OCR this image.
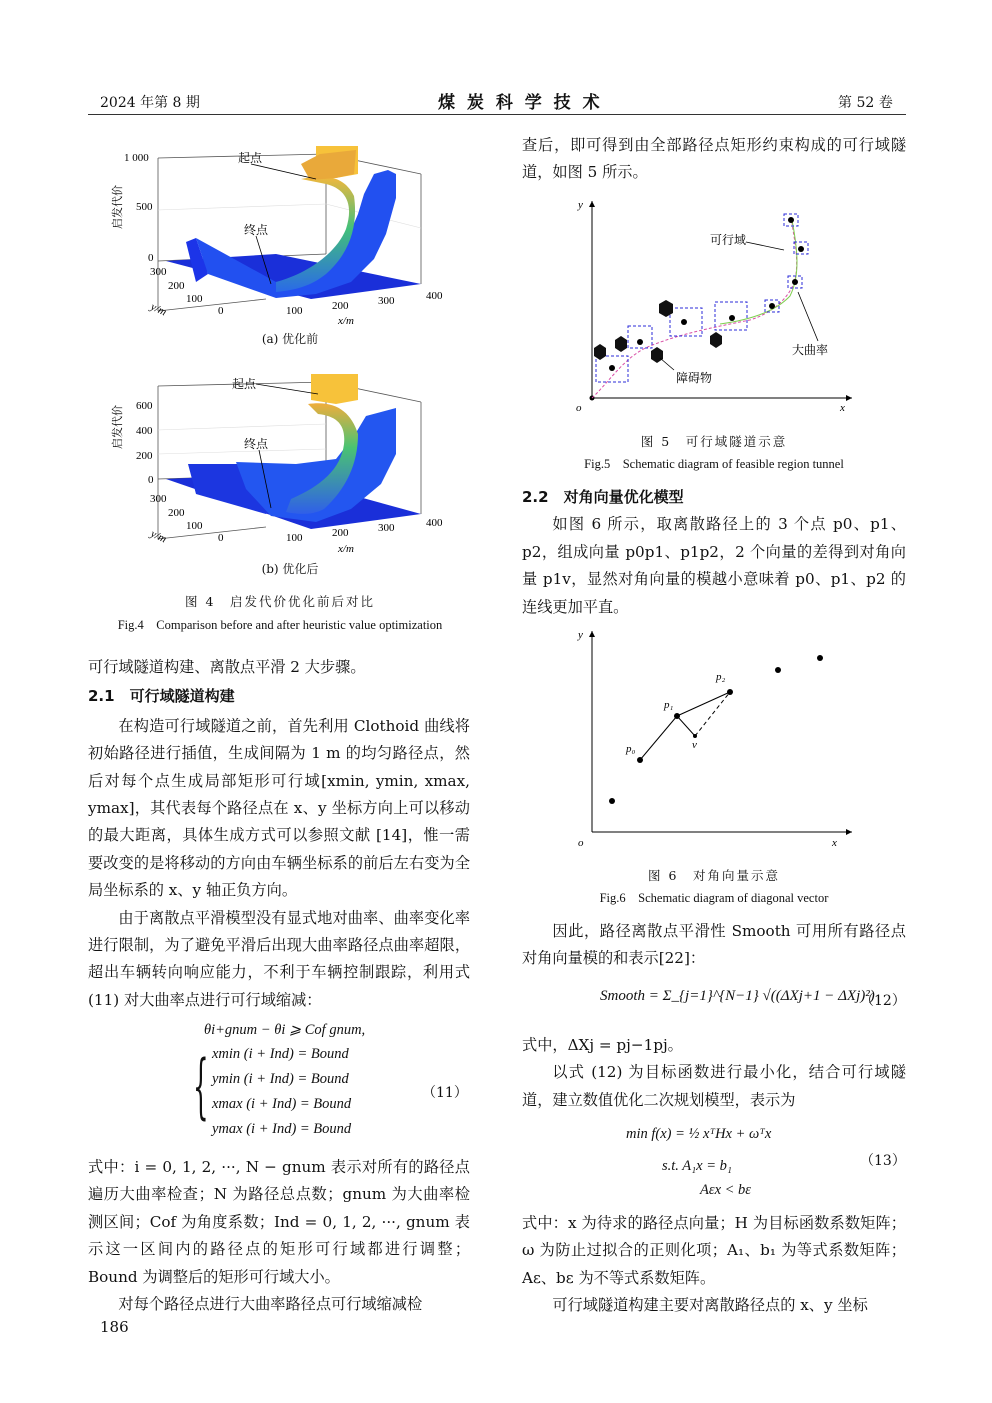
2024 年第 8 期	煤 炭 科 学 技 术	第 52 卷
起点
终点
1 000
500
0
300
200
100
0	100	200	300	400
x/m
y/m
启发代价
(a) 优化前
起点
终点
600
400
200
0
300
200
100
0	100	200	300	400
x/m
y/m
启发代价
(b) 优化后
图 4　启发代价优化前后对比
Fig.4　Comparison before and after heuristic value optimization

可行域隧道构建、离散点平滑 2 大步骤。

2.1　可行域隧道构建

在构造可行域隧道之前，首先利用 Clothoid 曲线将初始路径进行插值，生成间隔为 1 m 的均匀路径点，然后对每个点生成局部矩形可行域[xmin, ymin, xmax, ymax]，其代表每个路径点在 x、y 坐标方向上可以移动的最大距离，具体生成方式可以参照文献 [14]，惟一需要改变的是将移动的方向由车辆坐标系的前后左右变为全局坐标系的 x、y 轴正负方向。

由于离散点平滑模型没有显式地对曲率、曲率变化率进行限制，为了避免平滑后出现大曲率路径点曲率超限，超出车辆转向响应能力，不利于车辆控制跟踪，利用式 (11) 对大曲率点进行可行域缩减：

θi+gnum − θi ⩾ Cof gnum,
{ xmin (i + Ind) = Bound
ymin (i + Ind) = Bound
xmax (i + Ind) = Bound
ymax (i + Ind) = Bound
（11）

式中：i = 0, 1, 2, ···, N − gnum 表示对所有的路径点遍历大曲率检查；N 为路径总点数；gnum 为大曲率检测区间；Cof 为角度系数；Ind = 0, 1, 2, ···, gnum 表示这一区间内的路径点的矩形可行域都进行调整；Bound 为调整后的矩形可行域大小。

对每个路径点进行大曲率路径点可行域缩减检

186

查后，即可得到由全部路径点矩形约束构成的可行域隧道，如图 5 所示。

y
x
o
可行域
大曲率
障碍物
图 5　可行域隧道示意
Fig.5　Schematic diagram of feasible region tunnel
2.2　对角向量优化模型

如图 6 所示，取离散路径上的 3 个点 p0、p1、p2，组成向量 p0p1、p1p2，2 个向量的差得到对角向量 p1v，显然对角向量的模越小意味着 p0、p1、p2 的连线更加平直。

y
x
o
p₀
p₁
p₂
v
图 6　对角向量示意
Fig.6　Schematic diagram of diagonal vector

因此，路径离散点平滑性 Smooth 可用所有路径点对角向量模的和表示[22]：

Smooth = Σ_{j=1}^{N−1} √((ΔXj+1 − ΔXj)²)
（12）

式中，ΔXj = pj−1pj。

以式 (12) 为目标函数进行最小化，结合可行域隧道，建立数值优化二次规划模型，表示为

min f(x) = ½ xᵀHx + ωᵀx
s.t. A₁x = b₁
Aεx < bε
（13）

式中：x 为待求的路径点向量；H 为目标函数系数矩阵；ω 为防止过拟合的正则化项；A₁、b₁ 为等式系数矩阵；Aε、bε 为不等式系数矩阵。

可行域隧道构建主要对离散路径点的 x、y 坐标
